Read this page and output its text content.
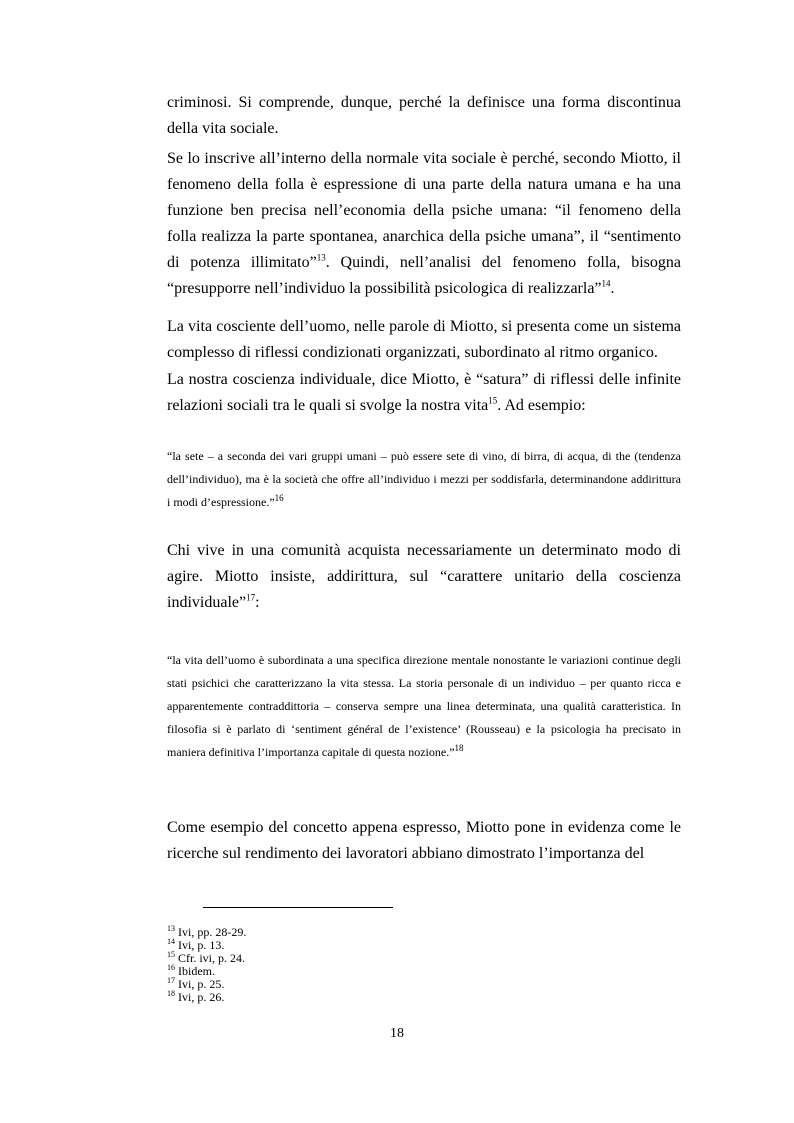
criminosi. Si comprende, dunque, perché la definisce una forma discontinua della vita sociale.

Se lo inscrive all’interno della normale vita sociale è perché, secondo Miotto, il fenomeno della folla è espressione di una parte della natura umana e ha una funzione ben precisa nell’economia della psiche umana: “il fenomeno della folla realizza la parte spontanea, anarchica della psiche umana”, il “sentimento di potenza illimitato”$^{13}$. Quindi, nell’analisi del fenomeno folla, bisogna “presupporre nell’individuo la possibilità psicologica di realizzarla”$^{14}$.

La vita cosciente dell’uomo, nelle parole di Miotto, si presenta come un sistema complesso di riflessi condizionati organizzati, subordinato al ritmo organico.

La nostra coscienza individuale, dice Miotto, è “satura” di riflessi delle infinite relazioni sociali tra le quali si svolge la nostra vita$^{15}$. Ad esempio:

“la sete – a seconda dei vari gruppi umani – può essere sete di vino, di birra, di acqua, di the (tendenza dell’individuo), ma è la società che offre all’individuo i mezzi per soddisfarla, determinandone addirittura i modi d’espressione.”$^{16}$

Chi vive in una comunità acquista necessariamente un determinato modo di agire. Miotto insiste, addirittura, sul “carattere unitario della coscienza individuale”$^{17}$:

“la vita dell’uomo è subordinata a una specifica direzione mentale nonostante le variazioni continue degli stati psichici che caratterizzano la vita stessa. La storia personale di un individuo – per quanto ricca e apparentemente contraddittoria – conserva sempre una linea determinata, una qualità caratteristica. In filosofia si è parlato di ‘sentiment général de l’existence’ (Rousseau) e la psicologia ha precisato in maniera definitiva l’importanza capitale di questa nozione.”$^{18}$

Come esempio del concetto appena espresso, Miotto pone in evidenza come le ricerche sul rendimento dei lavoratori abbiano dimostrato l’importanza del

$^{13}$ Ivi, pp. 28-29.
$^{14}$ Ivi, p. 13.
$^{15}$ Cfr. ivi, p. 24.
$^{16}$ Ibidem.
$^{17}$ Ivi, p. 25.
$^{18}$ Ivi, p. 26.
18
